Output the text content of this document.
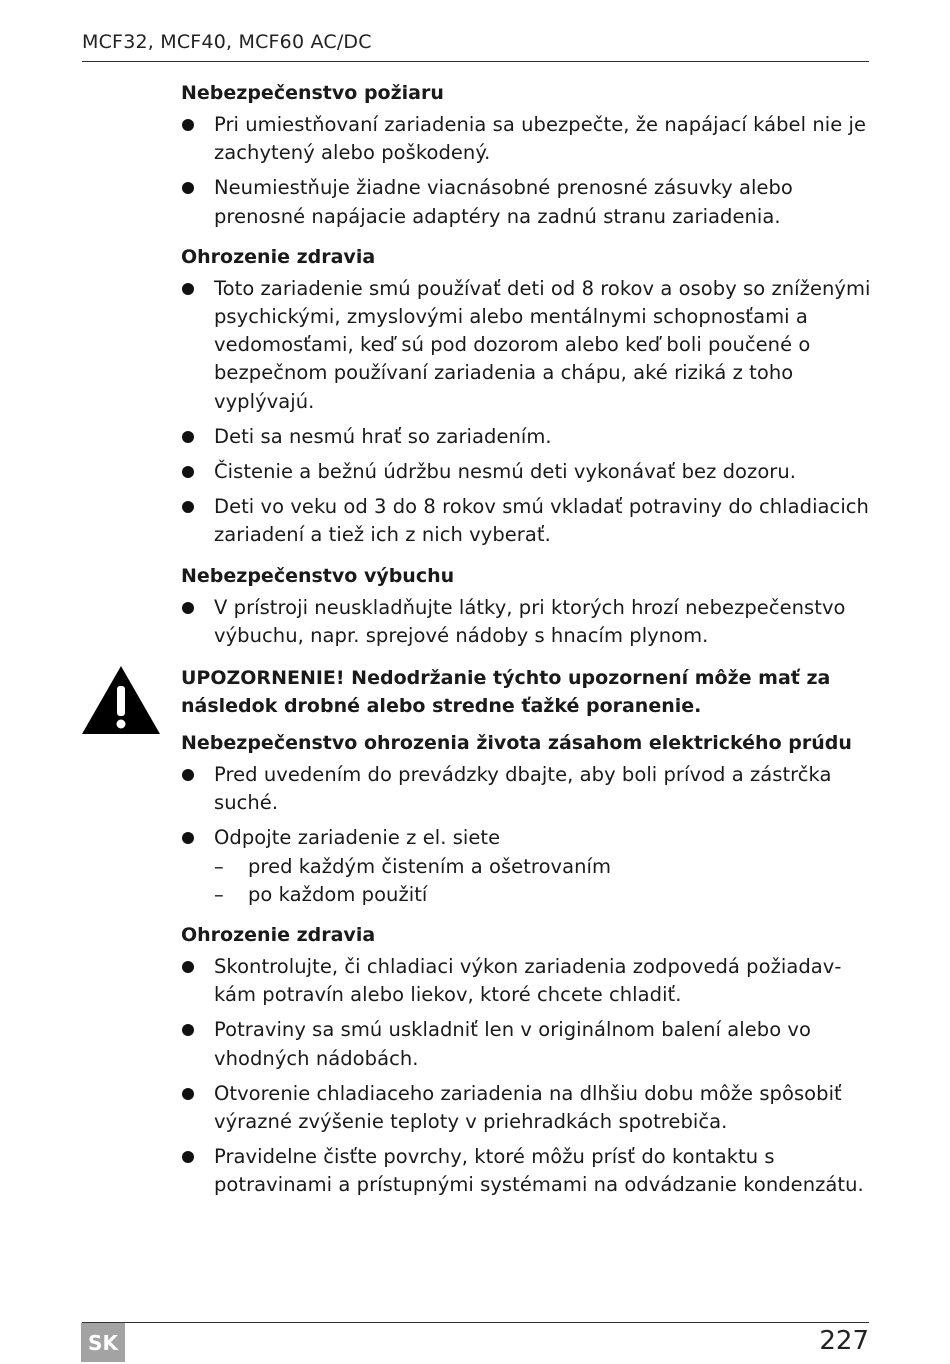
MCF32, MCF40, MCF60 AC/DC
Nebezpečenstvo požiaru
Pri umiestňovaní zariadenia sa ubezpečte, že napájací kábel nie je zachytený alebo poškodený.
Neumiestňuje žiadne viacnásobné prenosné zásuvky alebo prenosné napájacie adaptéry na zadnú stranu zariadenia.
Ohrozenie zdravia
Toto zariadenie smú používať deti od 8 rokov a osoby so zníženými psychickými, zmyslovými alebo mentálnymi schopnosťami a vedomosťami, keď sú pod dozorom alebo keď boli poučené o bezpečnom používaní zariadenia a chápu, aké riziká z toho vyplývajú.
Deti sa nesmú hrať so zariadením.
Čistenie a bežnú údržbu nesmú deti vykonávať bez dozoru.
Deti vo veku od 3 do 8 rokov smú vkladať potraviny do chladiacich zariadení a tiež ich z nich vyberať.
Nebezpečenstvo výbuchu
V prístroji neuskladňujte látky, pri ktorých hrozí nebezpečenstvo výbuchu, napr. sprejové nádoby s hnacím plynom.
UPOZORNENIE! Nedodržanie týchto upozornení môže mať za následok drobné alebo stredne ťažké poranenie.
Nebezpečenstvo ohrozenia života zásahom elektrického prúdu
Pred uvedením do prevádzky dbajte, aby boli prívod a zástrčka suché.
Odpojte zariadenie z el. siete
– pred každým čistením a ošetrovaním
– po každom použití
Ohrozenie zdravia
Skontrolujte, či chladiaci výkon zariadenia zodpovedá požiadavkám potravín alebo liekov, ktoré chcete chladiť.
Potraviny sa smú uskladniť len v originálnom balení alebo vo vhodných nádobách.
Otvorenie chladiaceho zariadenia na dlhšiu dobu môže spôsobiť výrazné zvýšenie teploty v priehradkách spotrebiča.
Pravidelne čisťte povrchy, ktoré môžu prísť do kontaktu s potravinami a prístupnými systémami na odvádzanie kondenzátu.
SK	227
